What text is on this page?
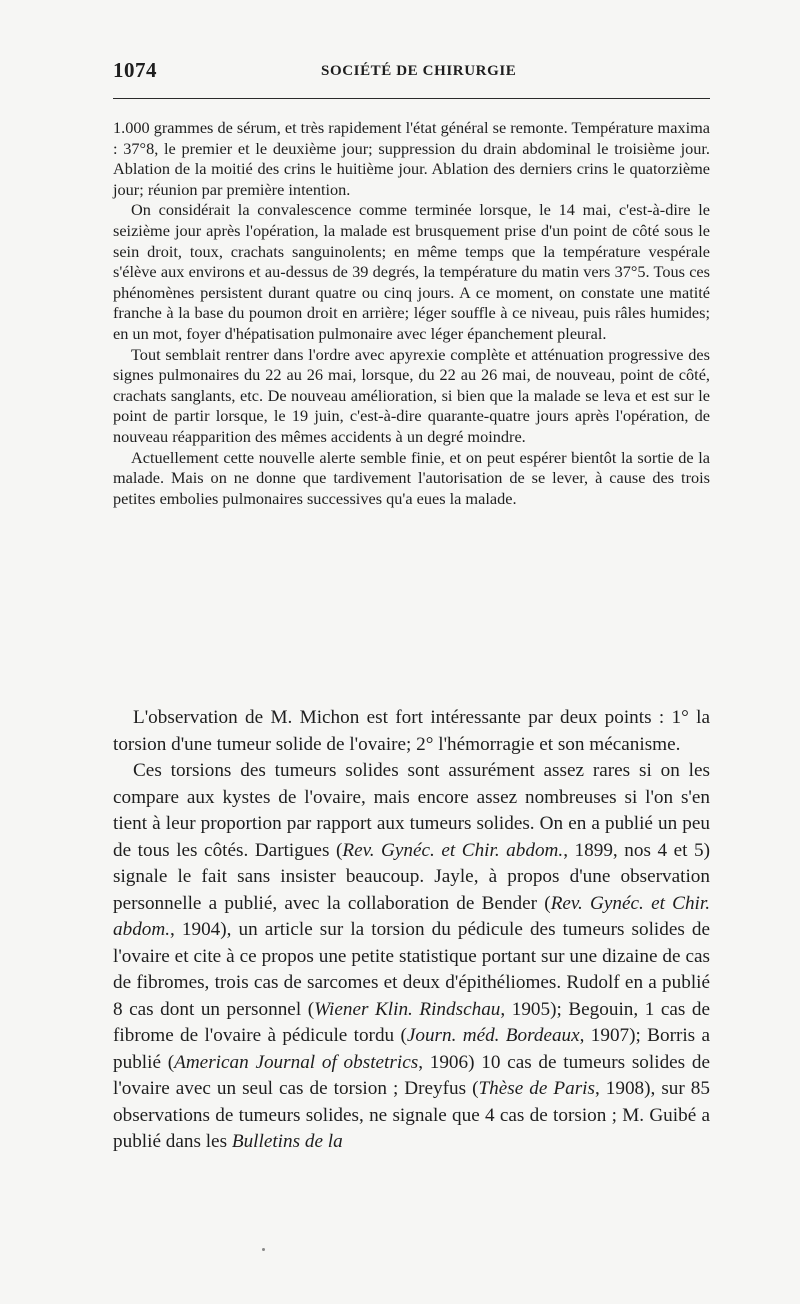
1074	SOCIÉTÉ DE CHIRURGIE

1.000 grammes de sérum, et très rapidement l'état général se remonte. Température maxima : 37°8, le premier et le deuxième jour; suppression du drain abdominal le troisième jour. Ablation de la moitié des crins le huitième jour. Ablation des derniers crins le quatorzième jour; réunion par première intention.

On considérait la convalescence comme terminée lorsque, le 14 mai, c'est-à-dire le seizième jour après l'opération, la malade est brusquement prise d'un point de côté sous le sein droit, toux, crachats sanguinolents; en même temps que la température vespérale s'élève aux environs et au-dessus de 39 degrés, la température du matin vers 37°5. Tous ces phénomènes persistent durant quatre ou cinq jours. A ce moment, on constate une matité franche à la base du poumon droit en arrière; léger souffle à ce niveau, puis râles humides; en un mot, foyer d'hépatisation pulmonaire avec léger épanchement pleural.

Tout semblait rentrer dans l'ordre avec apyrexie complète et atténuation progressive des signes pulmonaires du 22 au 26 mai, lorsque, du 22 au 26 mai, de nouveau, point de côté, crachats sanglants, etc. De nouveau amélioration, si bien que la malade se leva et est sur le point de partir lorsque, le 19 juin, c'est-à-dire quarante-quatre jours après l'opération, de nouveau réapparition des mêmes accidents à un degré moindre.

Actuellement cette nouvelle alerte semble finie, et on peut espérer bientôt la sortie de la malade. Mais on ne donne que tardivement l'autorisation de se lever, à cause des trois petites embolies pulmonaires successives qu'a eues la malade.

L'observation de M. Michon est fort intéressante par deux points : 1° la torsion d'une tumeur solide de l'ovaire; 2° l'hémorragie et son mécanisme.

Ces torsions des tumeurs solides sont assurément assez rares si on les compare aux kystes de l'ovaire, mais encore assez nombreuses si l'on s'en tient à leur proportion par rapport aux tumeurs solides. On en a publié un peu de tous les côtés. Dartigues (Rev. Gynéc. et Chir. abdom., 1899, nos 4 et 5) signale le fait sans insister beaucoup. Jayle, à propos d'une observation personnelle a publié, avec la collaboration de Bender (Rev. Gynéc. et Chir. abdom., 1904), un article sur la torsion du pédicule des tumeurs solides de l'ovaire et cite à ce propos une petite statistique portant sur une dizaine de cas de fibromes, trois cas de sarcomes et deux d'épithéliomes. Rudolf en a publié 8 cas dont un personnel (Wiener Klin. Rindschau, 1905); Begouin, 1 cas de fibrome de l'ovaire à pédicule tordu (Journ. méd. Bordeaux, 1907); Borris a publié (American Journal of obstetrics, 1906) 10 cas de tumeurs solides de l'ovaire avec un seul cas de torsion ; Dreyfus (Thèse de Paris, 1908), sur 85 observations de tumeurs solides, ne signale que 4 cas de torsion ; M. Guibé a publié dans les Bulletins de la
